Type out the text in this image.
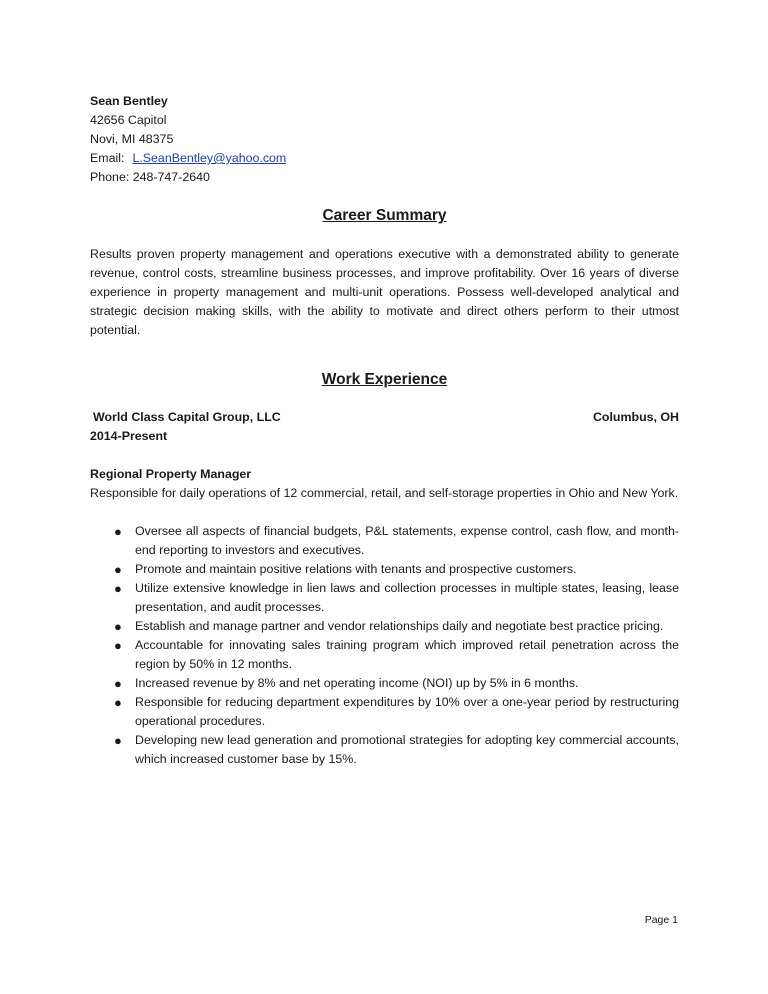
Sean Bentley
42656 Capitol
Novi, MI 48375
Email: L.SeanBentley@yahoo.com
Phone: 248-747-2640
Career Summary
Results proven property management and operations executive with a demonstrated ability to generate revenue, control costs, streamline business processes, and improve profitability. Over 16 years of diverse experience in property management and multi-unit operations. Possess well-developed analytical and strategic decision making skills, with the ability to motivate and direct others perform to their utmost potential.
Work Experience
World Class Capital Group, LLC	Columbus, OH
2014-Present
Regional Property Manager
Responsible for daily operations of 12 commercial, retail, and self-storage properties in Ohio and New York.
● Oversee all aspects of financial budgets, P&L statements, expense control, cash flow, and month-end reporting to investors and executives.
● Promote and maintain positive relations with tenants and prospective customers.
● Utilize extensive knowledge in lien laws and collection processes in multiple states, leasing, lease presentation, and audit processes.
● Establish and manage partner and vendor relationships daily and negotiate best practice pricing.
● Accountable for innovating sales training program which improved retail penetration across the region by 50% in 12 months.
● Increased revenue by 8% and net operating income (NOI) up by 5% in 6 months.
● Responsible for reducing department expenditures by 10% over a one-year period by restructuring operational procedures.
● Developing new lead generation and promotional strategies for adopting key commercial accounts, which increased customer base by 15%.
Page 1
